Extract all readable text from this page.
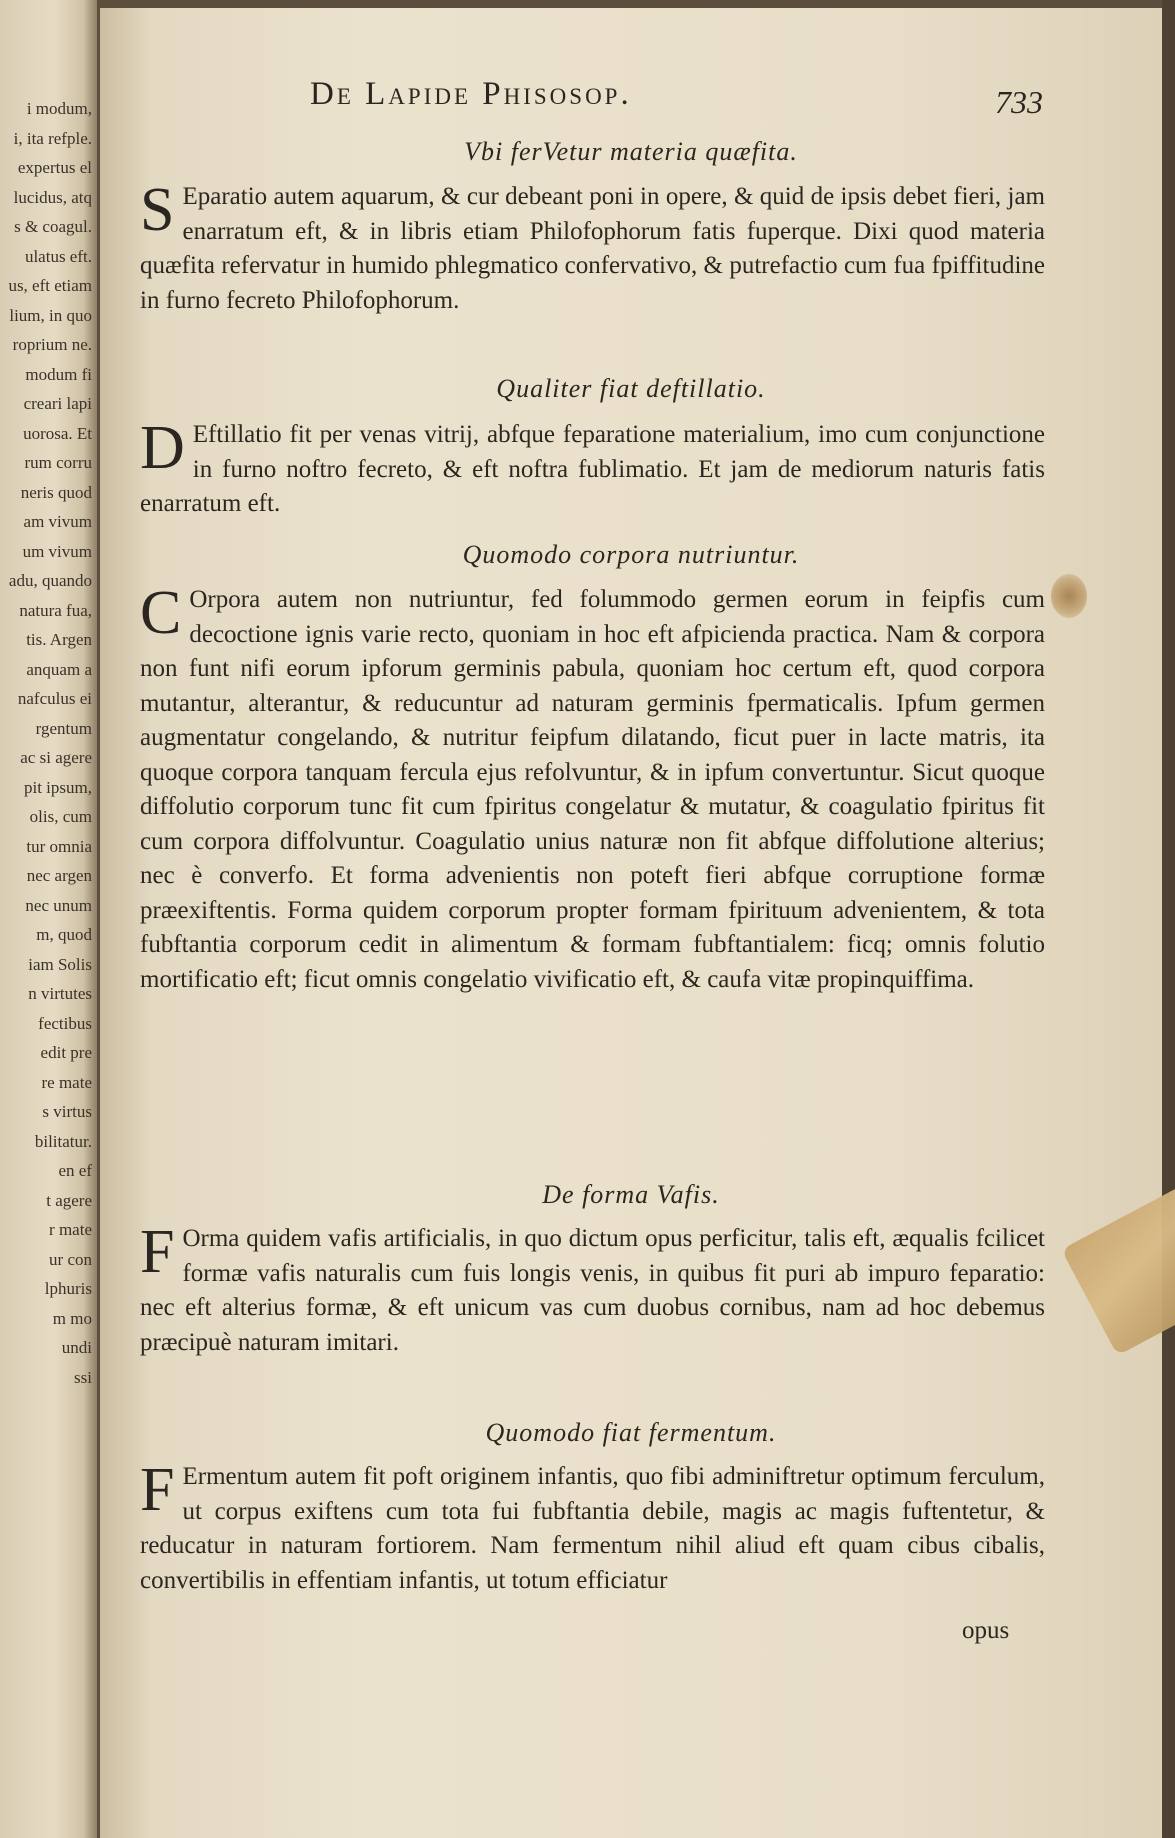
i modum,
i, ita refple.
expertus el
lucidus, atq
s & coagul.
ulatus eft.
us, eft etiam
lium, in quo
roprium ne.
modum fi
creari lapi
uorosa. Et
rum corru
neris quod
am vivum
um vivum
adu, quando
natura fua,
tis. Argen
anquam a
nafculus ei
rgentum
ac si agere
pit ipsum,
olis, cum
tur omnia
nec argen
nec unum
m, quod
iam Solis
n virtutes
fectibus
edit pre
re mate
s virtus
bilitatur.
en ef
t agere
r mate
ur con
lphuris
m mo
undi
ssi
De Lapide Phisosop.	733
Vbi ferVetur materia quæfita.
S Eparatio autem aquarum, & cur debeant poni in opere, & quid de ipsis debet fieri, jam enarratum eft, & in libris etiam Philofophorum fatis fuperque. Dixi quod materia quæfita refervatur in humido phlegmatico confervativo, & putrefactio cum fua fpiffitudine in furno fecreto Philofophorum.
Qualiter fiat deftillatio.
D Eftillatio fit per venas vitrij, abfque feparatione materialium, imo cum conjunctione in furno noftro fecreto, & eft noftra fublimatio. Et jam de mediorum naturis fatis enarratum eft.
Quomodo corpora nutriuntur.
C Orpora autem non nutriuntur, fed folummodo germen eorum in feipfis cum decoctione ignis varie recto, quoniam in hoc eft afpicienda practica. Nam & corpora non funt nifi eorum ipforum germinis pabula, quoniam hoc certum eft, quod corpora mutantur, alterantur, & reducuntur ad naturam germinis fpermaticalis. Ipfum germen augmentatur congelando, & nutritur feipfum dilatando, ficut puer in lacte matris, ita quoque corpora tanquam fercula ejus refolvuntur, & in ipfum convertuntur. Sicut quoque diffolutio corporum tunc fit cum fpiritus congelatur & mutatur, & coagulatio fpiritus fit cum corpora diffolvuntur. Coagulatio unius naturæ non fit abfque diffolutione alterius; nec è converfo. Et forma advenientis non poteft fieri abfque corruptione formæ præexiftentis. Forma quidem corporum propter formam fpirituum advenientem, & tota fubftantia corporum cedit in alimentum & formam fubftantialem: ficq; omnis folutio mortificatio eft; ficut omnis congelatio vivificatio eft, & caufa vitæ propinquiffima.
De forma Vafis.
F Orma quidem vafis artificialis, in quo dictum opus perficitur, talis eft, æqualis fcilicet formæ vafis naturalis cum fuis longis venis, in quibus fit puri ab impuro feparatio: nec eft alterius formæ, & eft unicum vas cum duobus cornibus, nam ad hoc debemus præcipuè naturam imitari.
Quomodo fiat fermentum.
F Ermentum autem fit poft originem infantis, quo fibi adminiftretur optimum ferculum, ut corpus exiftens cum tota fui fubftantia debile, magis ac magis fuftentetur, & reducatur in naturam fortiorem. Nam fermentum nihil aliud eft quam cibus cibalis, convertibilis in effentiam infantis, ut totum efficiatur
opus
